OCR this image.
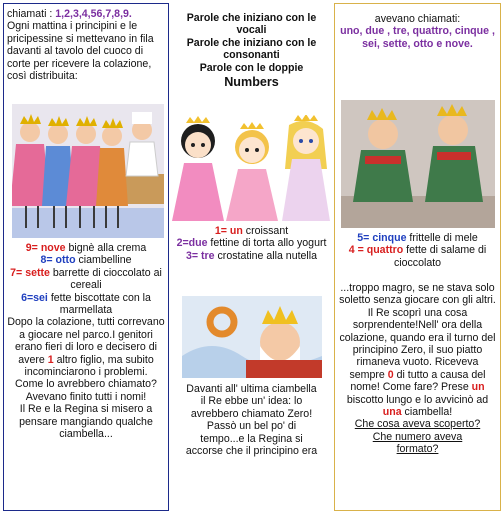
chiamati : 1,2,3,4,56,7,8,9.
Ogni mattina i principini e le pricipessine si mettevano in fila davanti al tavolo del cuoco di corte per ricevere la colazione, così distribuita:

9= nove bignè alla crema

8= otto ciambelline

7= sette barrette di cioccolato ai cereali

6=sei fette biscottate con la marmellata

Dopo la colazione, tutti correvano a giocare nel parco.I genitori erano fieri di loro e decisero di avere 1 altro figlio, ma subito incominciarono i problemi.
Come lo avrebbero chiamato?
Avevano finito tutti i nomi!
Il Re e la Regina si misero a pensare mangiando qualche ciambella...

Parole che iniziano con le vocali

Parole che iniziano con le consonanti

Parole con le doppie

Numbers

1= un croissant

2=due fettine di torta allo yogurt

3= tre crostatine alla nutella

Davanti all' ultima ciambella il Re ebbe un' idea: lo avrebbero chiamato Zero! Passò un bel po' di tempo...e la Regina si accorse che il principino era

avevano chiamati:

uno, due , tre, quattro, cinque , sei, sette, otto e nove.

5= cinque frittelle di mele

4 = quattro fette di salame di cioccolato

...troppo magro, se ne stava solo soletto senza giocare con gli altri.
Il Re scoprì una cosa sorprendente!Nell' ora della colazione, quando era il turno del principino Zero, il suo piatto rimaneva vuoto. Riceveva sempre 0 di tutto a causa del nome! Come fare? Prese un biscotto lungo e lo avvicinò ad una ciambella!

Che cosa aveva scoperto?

Che numero aveva formato?
